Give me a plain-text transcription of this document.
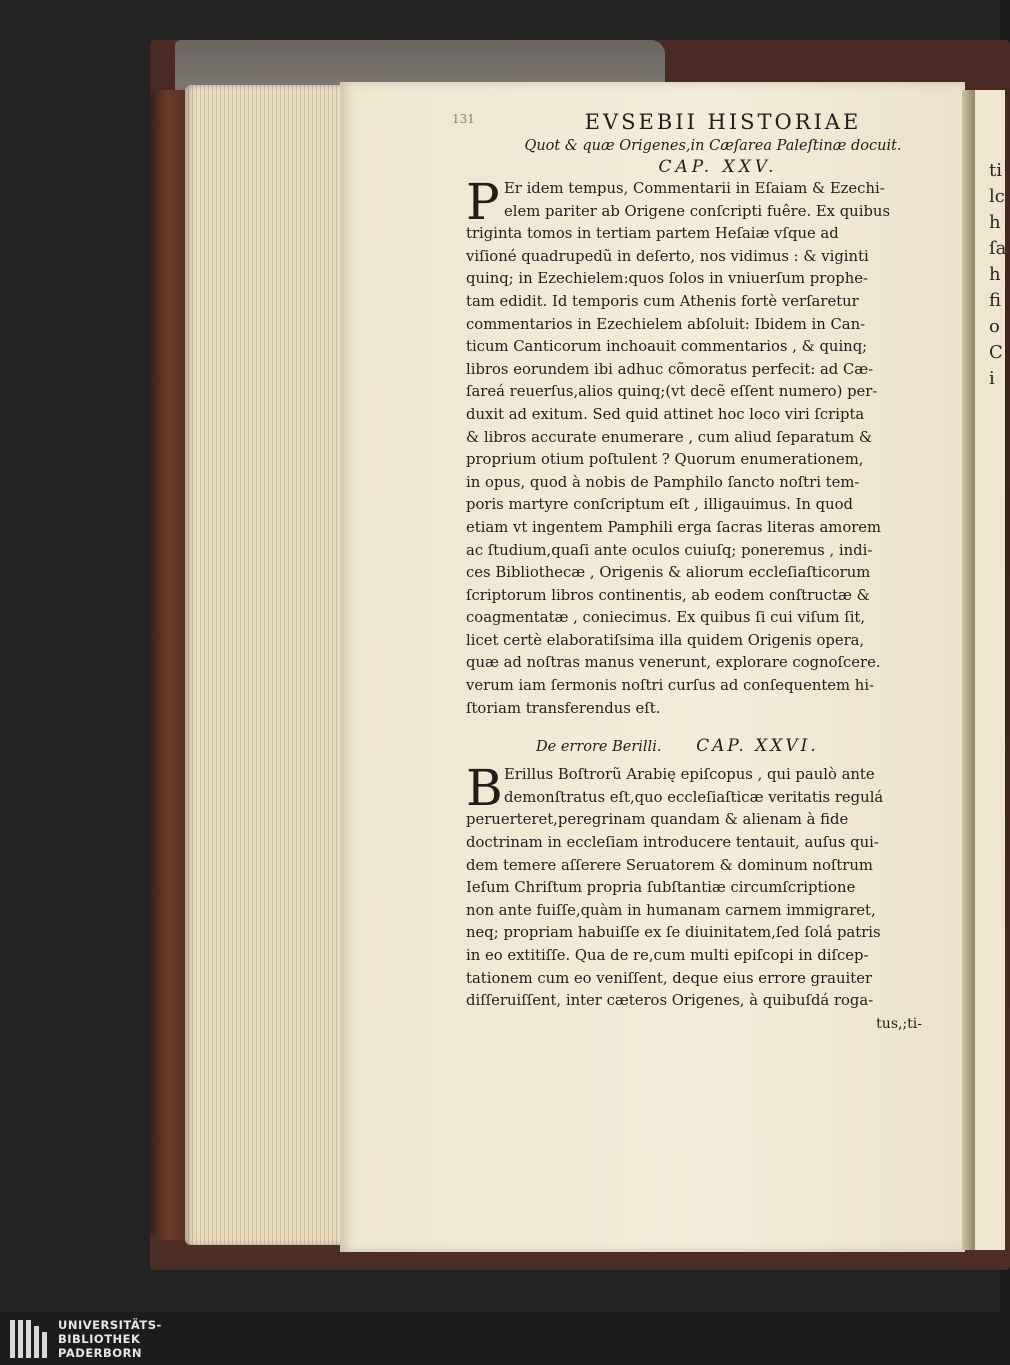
ti
lc
h
ſa
h
fi
o
C
i
131	EVSEBII HISTORIAE
Quot & quæ Origenes,in Cæſarea Paleſtinæ docuit.
CAP. XXV.
P Er idem tempus, Commentarii in Eſaiam & Ezechi-
elem pariter ab Origene conſcripti fuêre. Ex quibus
triginta tomos in tertiam partem Heſaiæ vſque ad
viſioné quadrupedũ in deſerto, nos vidimus : & viginti
quinq; in Ezechielem:quos ſolos in vniuerſum prophe-
tam edidit. Id temporis cum Athenis fortè verſaretur
commentarios in Ezechielem abſoluit: Ibidem in Can-
ticum Canticorum inchoauit commentarios , & quinq;
libros eorundem ibi adhuc cõmoratus perfecit: ad Cæ-
ſareá reuerſus,alios quinq;(vt decẽ eſſent numero) per-
duxit ad exitum. Sed quid attinet hoc loco viri ſcripta
& libros accurate enumerare , cum aliud ſeparatum &
proprium otium poſtulent ? Quorum enumerationem,
in opus, quod à nobis de Pamphilo ſancto noſtri tem-
poris martyre conſcriptum eſt , illigauimus. In quod
etiam vt ingentem Pamphili erga ſacras literas amorem
ac ſtudium,quaſi ante oculos cuiuſq; poneremus , indi-
ces Bibliothecæ , Origenis & aliorum eccleſiaſticorum
ſcriptorum libros continentis, ab eodem conſtructæ &
coagmentatæ , coniecimus. Ex quibus ſi cui viſum ſit,
licet certè elaboratiſsima illa quidem Origenis opera,
quæ ad noſtras manus venerunt, explorare cognoſcere.
verum iam ſermonis noſtri curſus ad conſequentem hi-
ſtoriam transferendus eſt.
De errore Berilli. CAP. XXVI.
B Erillus Boſtrorũ Arabię epiſcopus , qui paulò ante
demonſtratus eſt,quo eccleſiaſticæ veritatis regulá
peruerteret,peregrinam quandam & alienam à fide
doctrinam in eccleſiam introducere tentauit, auſus qui-
dem temere aſſerere Seruatorem & dominum noſtrum
Ieſum Chriſtum propria ſubſtantiæ circumſcriptione
non ante fuiſſe,quàm in humanam carnem immigraret,
neq; propriam habuiſſe ex ſe diuinitatem,ſed ſolá patris
in eo extitiſſe. Qua de re,cum multi epiſcopi in diſcep-
tationem cum eo veniſſent, deque eius errore grauiter
diſſeruiſſent, inter cæteros Origenes, à quibuſdá roga-
tus,;ti-
UNIVERSITÄTS-
BIBLIOTHEK
PADERBORN
